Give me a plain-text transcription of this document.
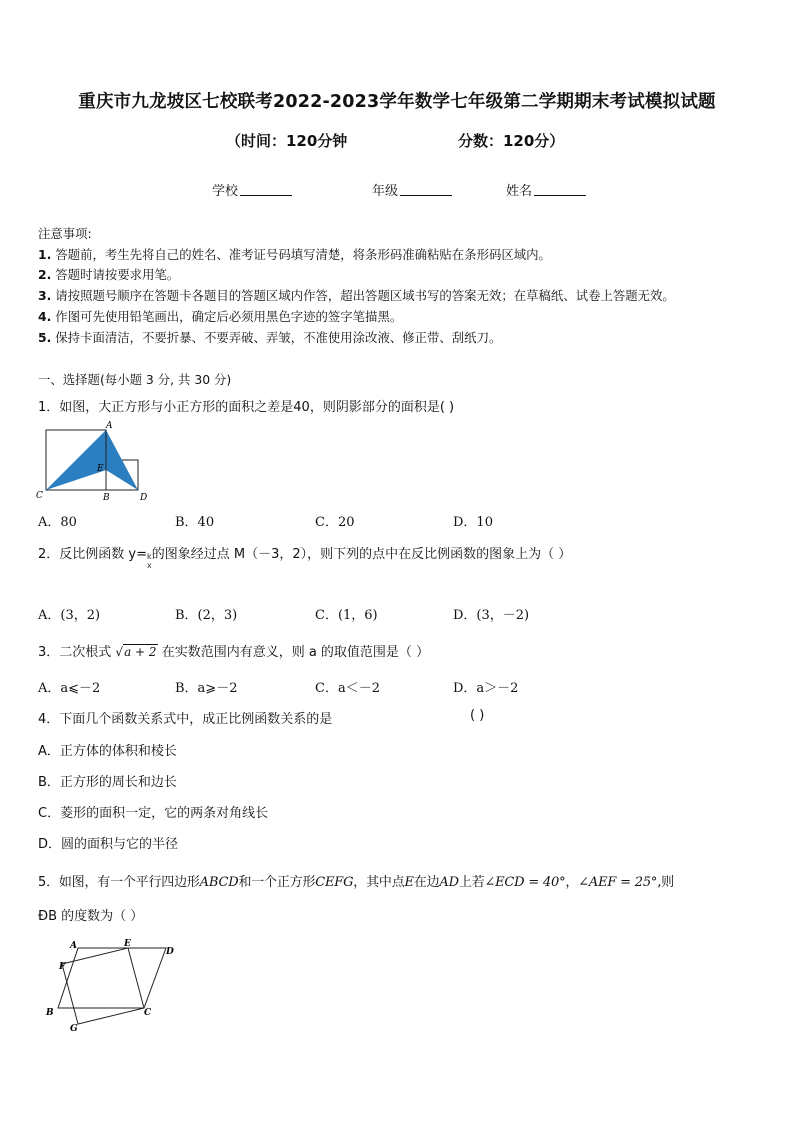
重庆市九龙坡区七校联考2022-2023学年数学七年级第二学期期末考试模拟试题
（时间：120分钟	分数：120分）
学校	年级	姓名
注意事项:
1. 答题前，考生先将自己的姓名、准考证号码填写清楚，将条形码准确粘贴在条形码区域内。
2. 答题时请按要求用笔。
3. 请按照题号顺序在答题卡各题目的答题区域内作答，超出答题区域书写的答案无效；在草稿纸、试卷上答题无效。
4. 作图可先使用铅笔画出，确定后必须用黑色字迹的签字笔描黑。
5. 保持卡面清洁，不要折暴、不要弄破、弄皱，不准使用涂改液、修正带、刮纸刀。
一、选择题(每小题 3 分, 共 30 分)
1．如图，大正方形与小正方形的面积之差是40，则阴影部分的面积是( )
A
E
C	B	D
A．80	B．40	C．20	D．10
2．反比例函数 y=k
x的图象经过点 M（－3，2），则下列的点中在反比例函数的图象上为（ ）
A．(3，2)	B．(2，3)	C．(1，6)	D．(3，－2)
3．二次根式 √a + 2 在实数范围内有意义，则 a 的取值范围是（ ）
A．a⩽－2	B．a⩾－2	C．a＜－2	D．a＞－2
4．下面几个函数关系式中，成正比例函数关系的是	( )
A．正方体的体积和棱长
B．正方形的周长和边长
C．菱形的面积一定，它的两条对角线长
D．圆的面积与它的半径
5．如图，有一个平行四边形ABCD和一个正方形CEFG，其中点E在边AD上若∠ECD = 40°，∠AEF = 25°,则
ÐB 的度数为（ ）
A	E
D
F
B	C
G
